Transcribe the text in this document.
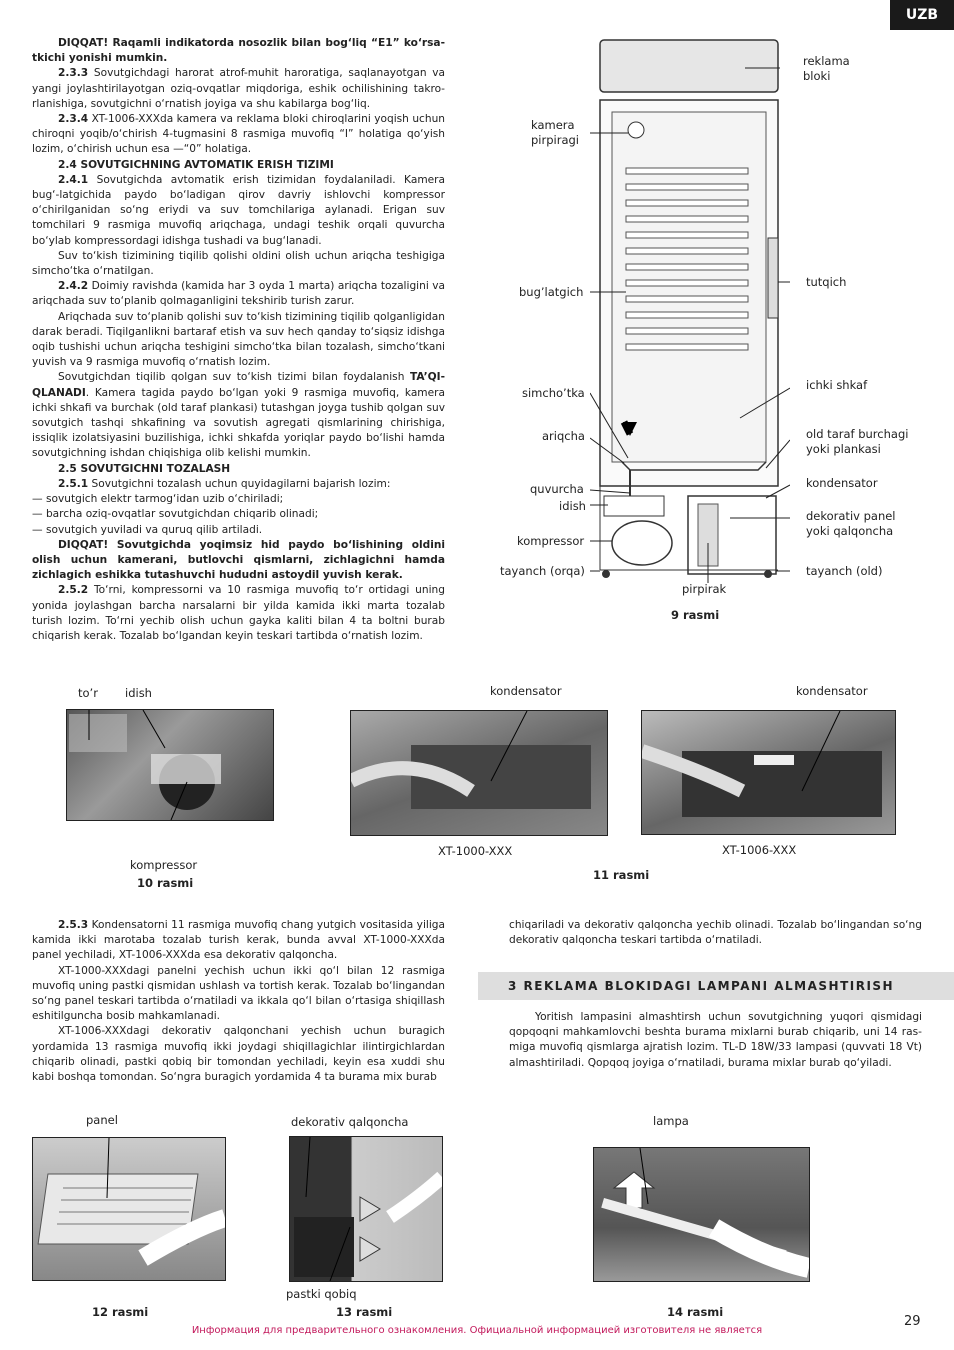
UZB

DIQQAT! Raqamli indikatorda nosozlik bilan bog‘liq “E1” ko‘rsatkichi yonishi mumkin.

2.3.3 Sovutgichdagi harorat atrof-muhit haroratiga, saqlanayotgan va yangi joylashtirilayotgan oziq-ovqatlar miqdoriga, eshik ochilishining takrorlanishiga, sovutgichni o‘rnatish joyiga va shu kabilarga bog‘liq.

2.3.4 XT-1006-XXXda kamera va reklama bloki chiroqlarini yoqish uchun chiroqni yoqib/o‘chirish 4-tugmasini 8 rasmiga muvofiq “I” holatiga qo‘yish lozim, o‘chirish uchun esa —“0” holatiga.

2.4 SOVUTGICHNING AVTOMATIK ERISH TIZIMI

2.4.1 Sovutgichda avtomatik erish tizimidan foydalaniladi. Kamera bug‘-latgichida paydo bo‘ladigan qirov davriy ishlovchi kompressor o‘chirilganidan so‘ng eriydi va suv tomchilariga aylanadi. Erigan suv tomchilari 9 rasmiga muvofiq ariqchaga, undagi teshik orqali quvurcha bo‘ylab kompressordagi idishga tushadi va bug‘lanadi.

Suv to‘kish tizimining tiqilib qolishi oldini olish uchun ariqcha teshigiga simcho‘tka o‘rnatilgan.

2.4.2 Doimiy ravishda (kamida har 3 oyda 1 marta) ariqcha tozaligini va ariqchada suv to‘planib qolmaganligini tekshirib turish zarur.

Ariqchada suv to‘planib qolishi suv to‘kish tizimining tiqilib qolganligidan darak beradi. Tiqilganlikni bartaraf etish va suv hech qanday to‘siqsiz idishga oqib tushishi uchun ariqcha teshigini simcho‘tka bilan tozalash, simcho‘tkani yuvish va 9 rasmiga muvofiq o‘rnatish lozim.

Sovutgichdan tiqilib qolgan suv to‘kish tizimi bilan foydalanish TA’QIQLANADI. Kamera tagida paydo bo‘lgan yoki 9 rasmiga muvofiq, kamera ichki shkafi va burchak (old taraf plankasi) tutashgan joyga tushib qolgan suv sovutgich tashqi shkafining va sovutish agregati qismlarining chirishiga, issiqlik izolatsiyasini buzilishiga, ichki shkafda yoriqlar paydo bo‘lishi hamda sovutgichning ishdan chiqishiga olib kelishi mumkin.

2.5 SOVUTGICHNI TOZALASH

2.5.1 Sovutgichni tozalash uchun quyidagilarni bajarish lozim:

— sovutgich elektr tarmog‘idan uzib o‘chiriladi;

— barcha oziq-ovqatlar sovutgichdan chiqarib olinadi;

— sovutgich yuviladi va quruq qilib artiladi.

DIQQAT! Sovutgichda yoqimsiz hid paydo bo‘lishining oldini olish uchun kamerani, butlovchi qismlarni, zichlagichni hamda zichlagich eshikka tutashuvchi hududni astoydil yuvish kerak.

2.5.2 To‘rni, kompressorni va 10 rasmiga muvofiq to‘r ortidagi uning yonida joylashgan barcha narsalarni bir yilda kamida ikki marta tozalab turish lozim. To‘rni yechib olish uchun gayka kaliti bilan 4 ta boltni burab chiqarish kerak. Tozalab bo‘lgandan keyin teskari tartibda o‘rnatish lozim.

reklama
bloki
kamera
pirpiragi
bug’latgich
tutqich
ichki shkaf
simcho’tka
ariqcha	old taraf burchagi
yoki plankasi
quvurcha
idish
kondensator
dekorativ panel
yoki qalqoncha
kompressor
tayanch (orqa)
pirpirak
tayanch (old)
9 rasmi
to’r idish
kompressor
10 rasmi
kondensator
XT-1000-XXX
kondensator
XT-1006-XXX
11 rasmi

2.5.3 Kondensatorni 11 rasmiga muvofiq chang yutgich vositasida yiliga kamida ikki marotaba tozalab turish kerak, bunda avval XT-1000-XXXda panel yechiladi, XT-1006-XXXda esa dekorativ qalqoncha.

XT-1000-XXXdagi panelni yechish uchun ikki qo‘l bilan 12 rasmiga muvofiq uning pastki qismidan ushlash va tortish kerak. Tozalab bo‘lingandan so‘ng panel teskari tartibda o‘rnatiladi va ikkala qo‘l bilan o‘rtasiga shiqillash eshitilguncha bosib mahkamlanadi.

XT-1006-XXXdagi dekorativ qalqonchani yechish uchun buragich yordamida 13 rasmiga muvofiq ikki joydagi shiqillagichlar ilintirgichlardan chiqarib olinadi, pastki qobiq bir tomondan yechiladi, keyin esa xuddi shu kabi boshqa tomondan. So‘ngra buragich yordamida 4 ta burama mix burab

chiqariladi va dekorativ qalqoncha yechib olinadi. Tozalab bo‘lingandan so‘ng dekorativ qalqoncha teskari tartibda o‘rnatiladi.

3 REKLAMA BLOKIDAGI LAMPANI ALMASHTIRISH

Yoritish lampasini almashtirsh uchun sovutgichning yuqori qismidagi qopqoqni mahkamlovchi beshta burama mixlarni burab chiqarib, uni 14 rasmiga muvofiq qismlarga ajratish lozim. TL-D 18W/33 lampasi (quvvati 18 Vt) almashtiriladi. Qopqoq joyiga o‘rnatiladi, burama mixlar burab qo‘yiladi.

panel
12 rasmi
dekorativ qalqoncha
pastki qobiq
13 rasmi
lampa
14 rasmi
29
Информация для предварительного ознакомления. Официальной информацией изготовителя не является
